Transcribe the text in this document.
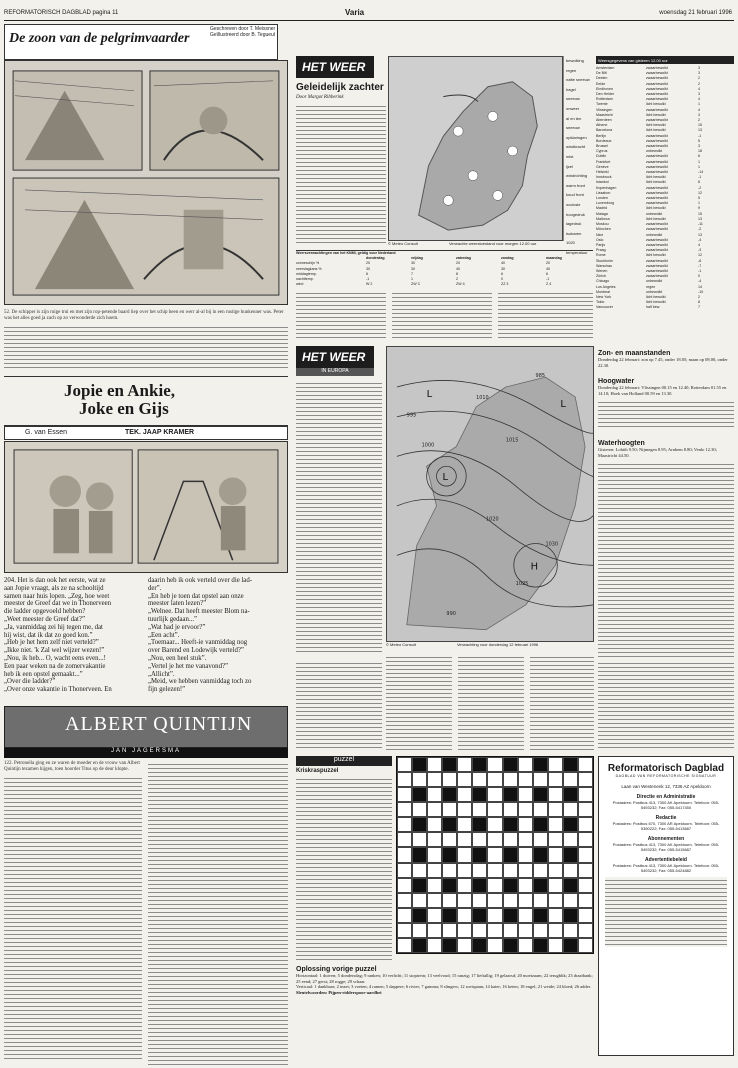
REFORMATORISCH DAGBLAD pagina 11	Varia	woensdag 21 februari 1996
De zoon van de pelgrimvaarder
Geschreven door T. Meissner
Geïllustreerd door B. Tegueul
52. De schipper is zijn ruige trui en met zijn rop-petende baard liep over het schip heen en werr al-al bij in een rustige hunkenner was. Peter was het alles goed ja zach op zo verwonderde zich hoem.
Jopie en Ankie,
Joke en Gijs
G. van Essen	TEK. JAAP KRAMER
204. Het is dan ook het eerste, wat ze
aan Jopie vraagt, als ze na schooltijd
samen naar huis lopen. „Zeg, hoe weet
meester de Greef dat we in Thonerveen
die ladder opgevoeld hebben?
„Weet meester de Greef dat?”
„Ja, vanmiddag zei hij tegen me, dat
hij wist, dat ik dat zo goed kon.”
„Heb je het hem zelf niet verteld?”
„Ikke niet. 'k Zal wel wijzer wezen!”
„Nou, ik heb... O, wacht eens even...!
Een paar weken na de zomervakantie
heb ik een opstel gemaakt...”
„Over die ladder?”
„Over onze vakantie in Thonerveen. En
daarin heb ik ook verteld over die lad-
der”.
„En heb je toen dat opstel aan onze
meester laten lezen?”
„Welnee. Dat heeft meester Blom na-
tuurlijk gedaan...”
„Wat had je ervoor?”
„Een acht”.
„Toemaar... Heeft-ie vanmiddag nog
over Barend en Lodewijk verteld?”
„Nou, een heel stuk”.
„Vertel je het me vanavond?”
„Allicht”.
„Meid, we hebben vanmiddag toch zo
fijn gelezen!”
ALBERT QUINTIJN
JAN JAGERSMA
122. Petronella ging en ze waren de moeder en de vrouw van Albert Quintijn tezamen hijgen, toen hoorder Titus op de deur klopte.
HET WEER
Geleidelijk zachter
Door Margot Ribberink
bewolking
regen
natte sneeuw
hagel
sneeuw
onweer
al en ten sneeuw
opklaringen
windkracht
mist
ijzel
windrichting
warm front
koud front
occlusie
hoogedruk
lagedruk
isobaren
1020 temperatuur
© Meteo Consult	Verwachte weerstoestand voor morgen 12.00 uur
Weersverwachtingen van het KNMI, geldig voor Nederland
donderdag	vrijdag	zaterdag	zondag	maandag
zonneschijn %	20	30	20	40	20
neerslagkans %	30	30	40	30	40
middagtemp.	6	7	8	6	6
nachttemp.	-1	1	2	0	-1
wind	W 2	ZW 3	ZW 4	ZZ 3	Z 4
Weersgegevens van gisteren 12.00 uur
Amsterdam	zwaarbewolkt	3
De Bilt	zwaarbewolkt	3
Deelen	zwaarbewolkt	2
Eelde	zwaarbewolkt	2
Eindhoven	zwaarbewolkt	4
Den Helder	zwaarbewolkt	3
Rotterdam	zwaarbewolkt	4
Twente	licht bewolkt	1
Vlissingen	zwaarbewolkt	4
Maastricht	licht bewolkt	3
Aberdeen	zwaarbewolkt	2
Athene	licht bewolkt	15
Barcelona	licht bewolkt	13
Berlijn	zwaarbewolkt	-1
Bordeaux	zwaarbewolkt	5
Brussel	zwaarbewolkt	3
Cyprus	onbewolkt	18
Dublin	zwaarbewolkt	6
Frankfurt	zwaarbewolkt	1
Genève	zwaarbewolkt	1
Helsinki	zwaarbewolkt	-14
Innsbruck	licht bewolkt	-1
Istanbul	licht bewolkt	6
Kopenhagen	zwaarbewolkt	-2
Lissabon	zwaarbewolkt	12
Londen	zwaarbewolkt	5
Luxemburg	zwaarbewolkt	1
Madrid	licht bewolkt	9
Malaga	onbewolkt	15
Mallorca	licht bewolkt	13
Moskou	zwaarbewolkt	-11
München	zwaarbewolkt	-2
Nice	onbewolkt	13
Oslo	zwaarbewolkt	-4
Parijs	zwaarbewolkt	4
Praag	zwaarbewolkt	-3
Rome	licht bewolkt	12
Stockholm	zwaarbewolkt	-6
Warschau	zwaarbewolkt	-7
Wenen	zwaarbewolkt	-1
Zürich	zwaarbewolkt	0
Chicago	onbewolkt	-4
Los Angeles	regen	14
Montreal	onbewolkt	-10
New York	licht bewolkt	2
Tokio	licht bewolkt	8
Vancouver	half bew.	7
HET WEER
IN EUROPA
L
L
H
L
1010
1015
1000
995
1020
1025
1030
985
990
© Meteo Consult	Verwachting voor donderdag 12 februari 1996
Zon- en maanstanden
Donderdag 22 februari: zon op 7.45, onder 18.05; maan op 08.00, onder 22.30.
Hoogwater
Donderdag 22 februari: Vlissingen 00.15 en 12.40; Rotterdam 01.55 en 14.10; Hoek van Holland 00.59 en 13.30.
Waterhoogten
Gisteren: Lobith 9.50; Nijmegen 8.95; Arnhem 8.80; Venlo 12.30; Maastricht 44.50.
puzzel
Kriskraspuzzel
Oplossing vorige puzzel
Horizontaal: 1 duiven; 5 dondersdag; 9 ranken; 10 verlicht; 11 stoptrein; 13 veelvoud; 15 ranzig; 17 lieftallig; 19 gelaarsd; 20 moeizaam; 22 terugblik; 23 draaibank; 25 eend; 27 gerst; 28 rogge; 29 schaar.
Verticaal: 1 dankbaar; 2 inzet; 3 voeten; 4 ramen; 5 dappere; 6 rivier; 7 gamma; 8 slingers; 12 roeispaan; 14 kater; 16 keten; 18 engel; 21 weide; 24 bloed; 26 adder.
Sleutelwoorden: Pijpen-ridderspoor-aardbei
Reformatorisch Dagblad
DAGBLAD VAN REFORMATORISCHE SIGNATUUR
Laan van Westenenk 12, 7336 AZ Apeldoorn
Directie en Administratie
Postadres: Postbus 413, 7300 AK Apeldoorn. Telefoon: 055-5493232; Fax: 055-5417450
Redactie
Postadres: Postbus 670, 7300 AR Apeldoorn. Telefoon: 055-5390222; Fax: 055-5413687
Abonnementen
Postadres: Postbus 413, 7300 AK Apeldoorn. Telefoon: 055-5493232; Fax: 055-5415687
Advertentiebeleid
Postadres: Postbus 413, 7300 AK Apeldoorn. Telefoon: 055-5493232; Fax: 055-5424882
